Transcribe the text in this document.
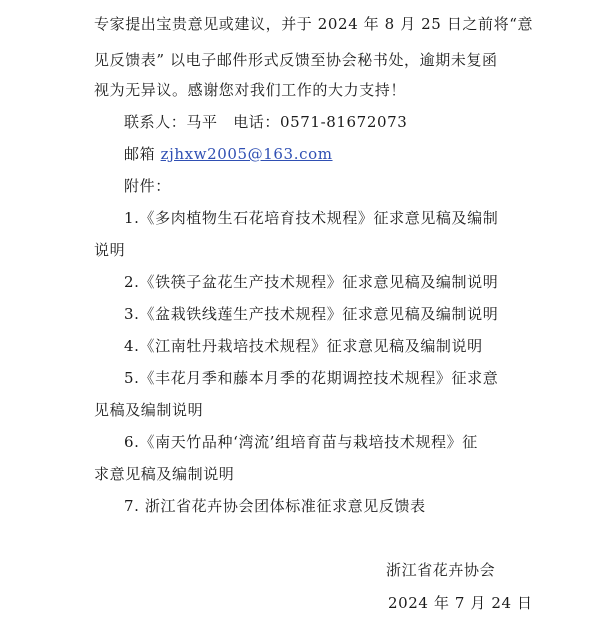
专家提出宝贵意见或建议，并于 2024 年 8 月 25 日之前将“意
见反馈表” 以电子邮件形式反馈至协会秘书处，逾期未复函
视为无异议。感谢您对我们工作的大力支持！
联系人：马平　电话：0571-81672073
邮箱 zjhxw2005@163.com
附件：
1.《多肉植物生石花培育技术规程》征求意见稿及编制
说明
2.《铁筷子盆花生产技术规程》征求意见稿及编制说明
3.《盆栽铁线莲生产技术规程》征求意见稿及编制说明
4.《江南牡丹栽培技术规程》征求意见稿及编制说明
5.《丰花月季和藤本月季的花期调控技术规程》征求意
见稿及编制说明
6.《南天竹品种‘湾流’组培育苗与栽培技术规程》征
求意见稿及编制说明
7. 浙江省花卉协会团体标准征求意见反馈表
浙江省花卉协会
2024 年 7 月 24 日
